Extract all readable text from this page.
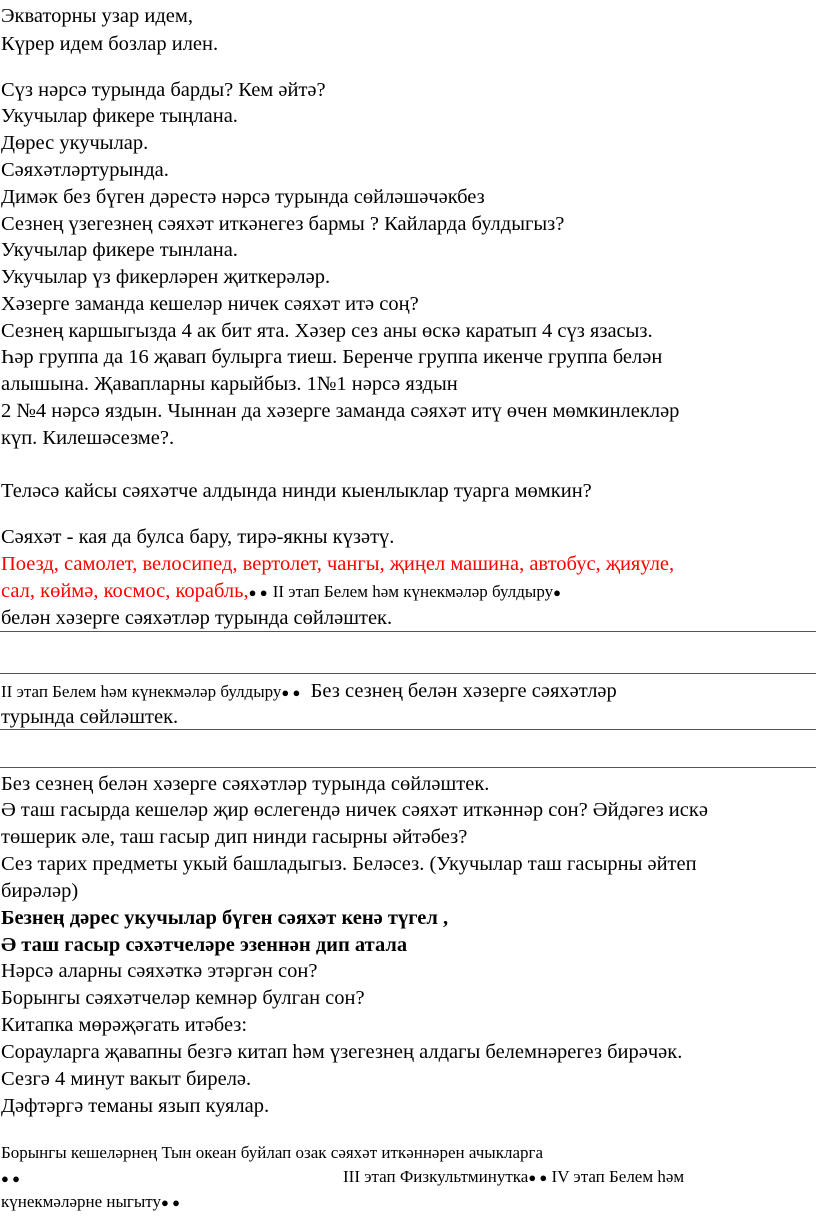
Экваторны узар идем,
Күрер идем бозлар илен.
Сүз нәрсә турында барды? Кем әйтә?
Укучылар фикере тыңлана.
Дөрес укучылар.
Сәяхәтләртурында.
Димәк без бүген дәрестә нәрсә турында сөйләшәчәкбез
Сезнең үзегезнең сәяхәт иткәнегез бармы ? Кайларда булдыгыз?
Укучылар фикере тынлана.
Укучылар үз фикерләрен җиткерәләр.
Хәзерге заманда кешеләр ничек сәяхәт итә соң?
Сезнең каршыгызда 4 ак бит ята. Хәзер сез аны өскә каратып 4 сүз язасыз.
Һәр группа да 16 җавап булырга тиеш. Беренче группа икенче группа белән
алышына. Җавапларны карыйбыз. 1№1 нәрсә яздын
2 №4 нәрсә яздын. Чыннан да хәзерге заманда сәяхәт итү өчен мөмкинлекләр
күп. Килешәсезме?.
Теләсә кайсы сәяхәтче алдында нинди кыенлыклар туарга мөмкин?
Сәяхәт - кая да булса бару, тирә-якны күзәтү.
Поезд, самолет, велосипед, вертолет, чангы, җиңел машина, автобус, җияуле,
сал, көймә, космос, корабль,● ● II этап Белем һәм күнекмәләр булдыру●
белән хәзерге сәяхәтләр турында сөйләштек.
II этап Белем һәм күнекмәләр булдыру● ● Без сезнең белән хәзерге сәяхәтләр
турында сөйләштек.
Без сезнең белән хәзерге сәяхәтләр турында сөйләштек.
Ә таш гасырда кешеләр җир өслегендә ничек сәяхәт иткәннәр сон? Әйдәгез искә
төшерик әле, таш гасыр дип нинди гасырны әйтәбез?
Сез тарих предметы укый башладыгыз. Беләсез. (Укучылар таш гасырны әйтеп
бирәләр)
Безнең дәрес укучылар бүген сәяхәт кенә түгел ,
Ә таш гасыр сәхәтчеләре эзеннән дип атала
Нәрсә аларны сәяхәткә этәргән сон?
Борынгы сәяхәтчеләр кемнәр булган сон?
Китапка мөрәҗәгать итәбез:
Сорауларга җавапны безгә китап һәм үзегезнең алдагы белемнәрегез бирәчәк.
Сезгә 4 минут вакыт бирелә.
Дәфтәргә теманы язып куялар.
Борынгы кешеләрнең Тын океан буйлап озак сәяхәт иткәннәрен ачыкларга
● ●	III этап Физкультминутка● ● IV этап Белем һәм
күнекмәләрне ныгыту● ●
